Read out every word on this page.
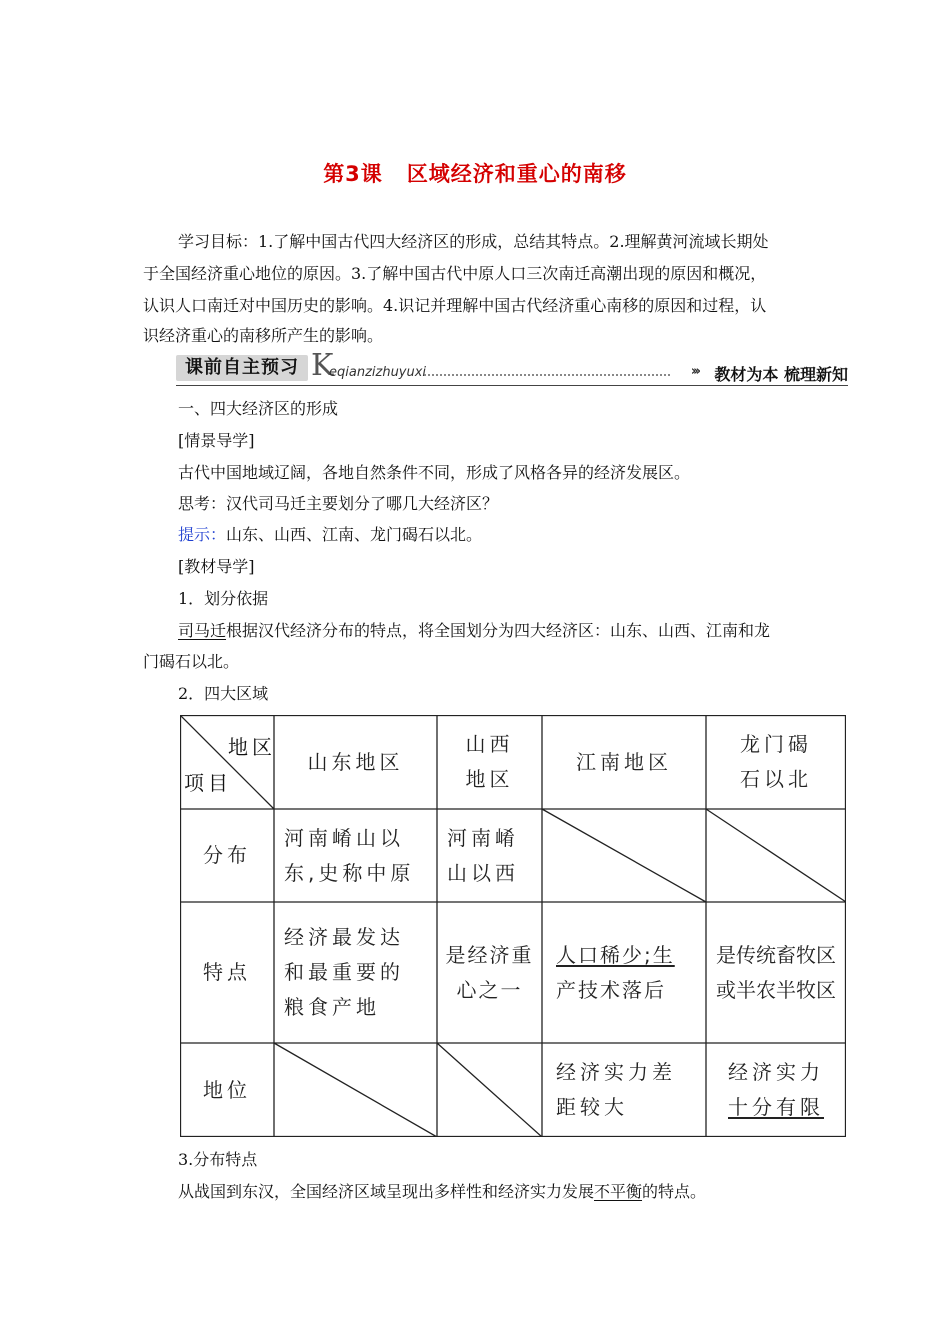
第3课 区域经济和重心的南移
学习目标：1.了解中国古代四大经济区的形成，总结其特点。2.理解黄河流域长期处
于全国经济重心地位的原因。3.了解中国古代中原人口三次南迁高潮出现的原因和概况，
认识人口南迁对中国历史的影响。4.识记并理解中国古代经济重心南移的原因和过程，认
识经济重心的南移所产生的影响。
课前自主预习 K
eqianzizhuyuxi	››› 教材为本 梳理新知
一、四大经济区的形成
[情景导学]
古代中国地域辽阔，各地自然条件不同，形成了风格各异的经济发展区。
思考：汉代司马迁主要划分了哪几大经济区？
提示：山东、山西、江南、龙门碣石以北。
[教材导学]
1．划分依据
司马迁根据汉代经济分布的特点，将全国划分为四大经济区：山东、山西、江南和龙
门碣石以北。
2．四大区域
地区
项目
山东地区
山西
地区
江南地区
龙门碣
石以北
分布
河南崤山以
东,史称中原
河南崤
山以西
特点
经济最发达
和最重要的
粮食产地
是经济重
心之一
人口稀少;生
产技术落后
是传统畜牧区
或半农半牧区
地位
经济实力差
距较大
经济实力
十分有限
3.分布特点
从战国到东汉，全国经济区域呈现出多样性和经济实力发展不平衡的特点。
